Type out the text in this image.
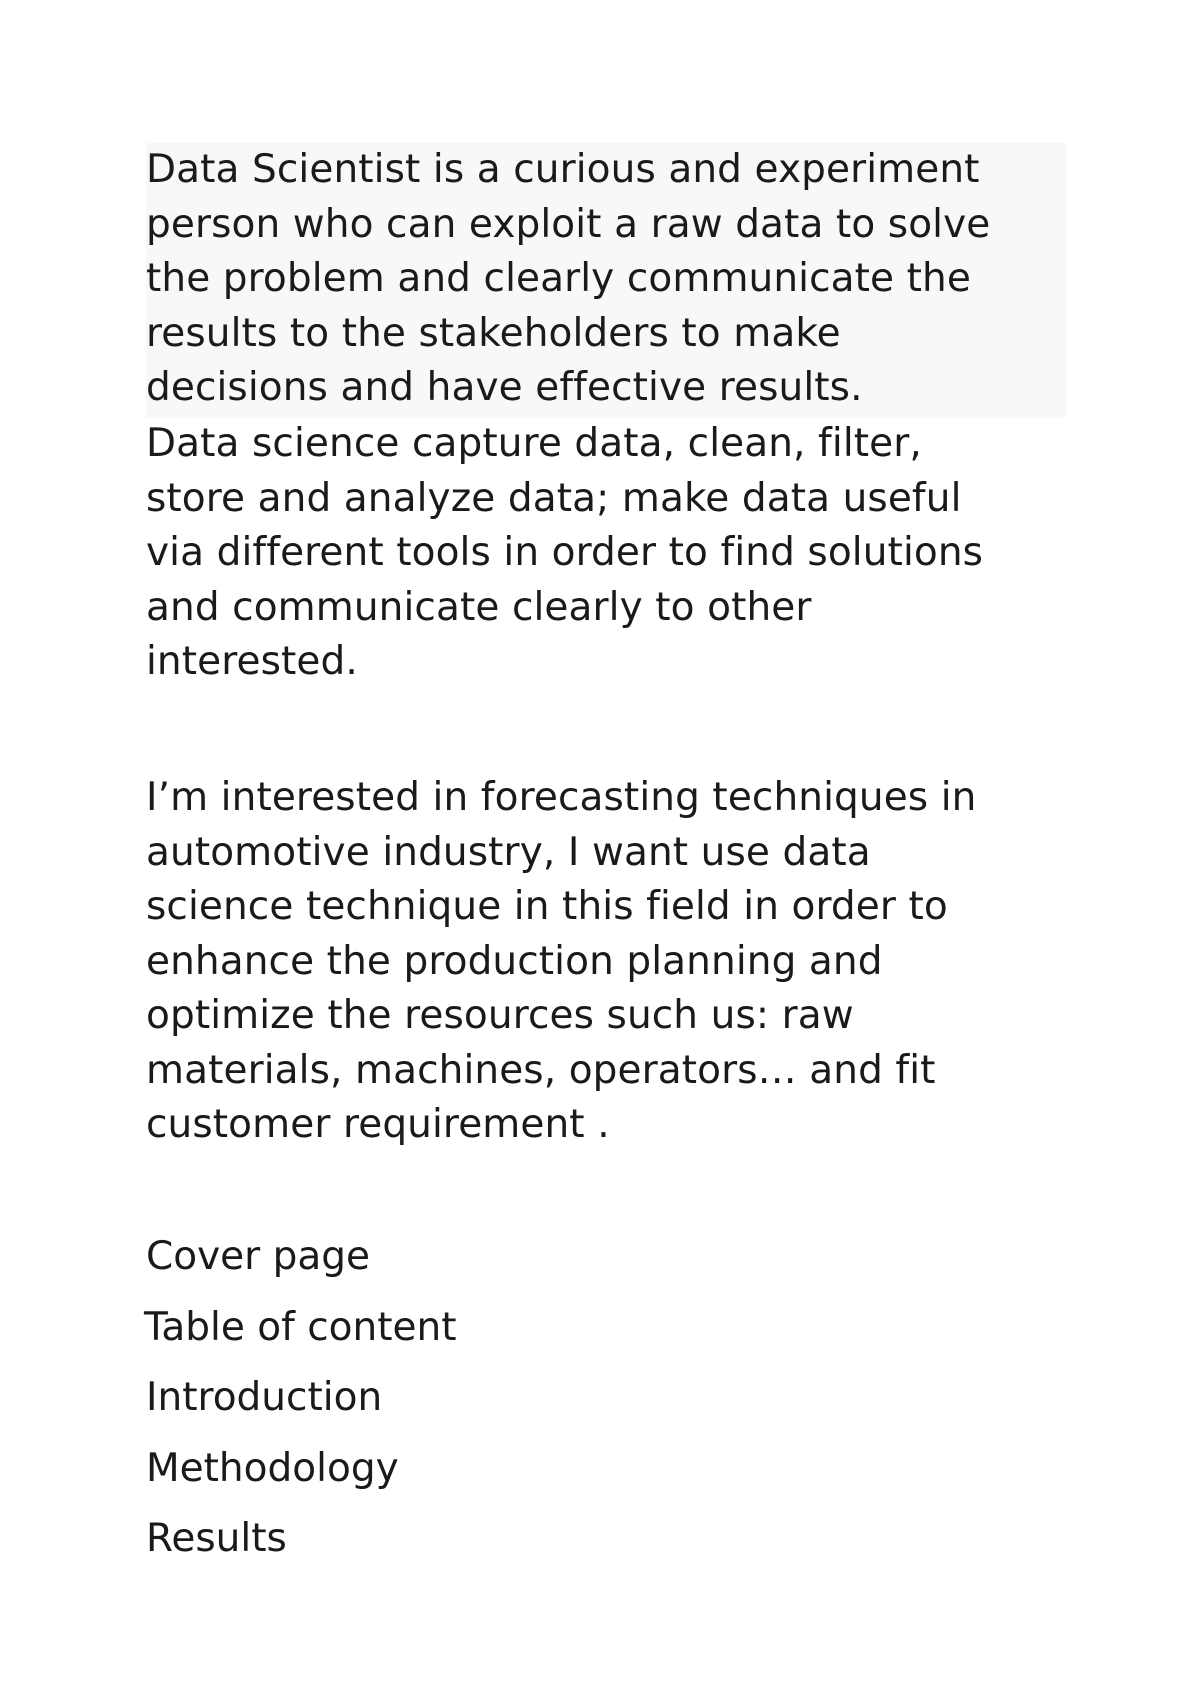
Data Scientist is a curious and experiment
person who can exploit a raw data to solve
the problem and clearly communicate the
results to the stakeholders to make
decisions and have effective results.
Data science capture data, clean, filter,
store and analyze data; make data useful
via different tools in order to find solutions
and communicate clearly to other
interested.
I’m interested in forecasting techniques in
automotive industry, I want use data
science technique in this field in order to
enhance the production planning and
optimize the resources such us: raw
materials, machines, operators… and fit
customer requirement .
Cover page
Table of content
Introduction
Methodology
Results
